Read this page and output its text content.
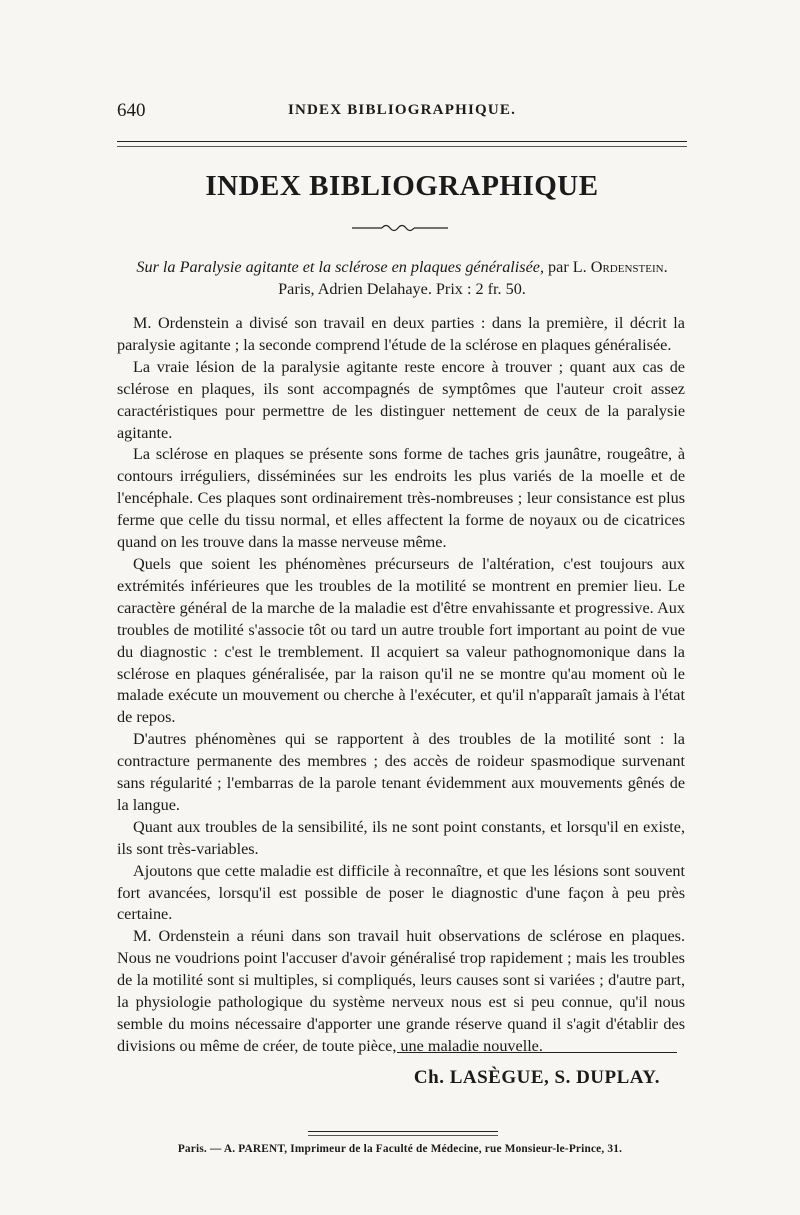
640	INDEX BIBLIOGRAPHIQUE.
INDEX BIBLIOGRAPHIQUE
Sur la Paralysie agitante et la sclérose en plaques généralisée, par L. Ordenstein.
Paris, Adrien Delahaye. Prix : 2 fr. 50.

M. Ordenstein a divisé son travail en deux parties : dans la première, il décrit la paralysie agitante ; la seconde comprend l'étude de la sclérose en plaques généralisée.

La vraie lésion de la paralysie agitante reste encore à trouver ; quant aux cas de sclérose en plaques, ils sont accompagnés de symptômes que l'auteur croit assez caractéristiques pour permettre de les distinguer nettement de ceux de la paralysie agitante.

La sclérose en plaques se présente sons forme de taches gris jaunâtre, rougeâtre, à contours irréguliers, disséminées sur les endroits les plus variés de la moelle et de l'encéphale. Ces plaques sont ordinairement très-nombreuses ; leur consistance est plus ferme que celle du tissu normal, et elles affectent la forme de noyaux ou de cicatrices quand on les trouve dans la masse nerveuse même.

Quels que soient les phénomènes précurseurs de l'altération, c'est toujours aux extrémités inférieures que les troubles de la motilité se montrent en premier lieu. Le caractère général de la marche de la maladie est d'être envahissante et progressive. Aux troubles de motilité s'associe tôt ou tard un autre trouble fort important au point de vue du diagnostic : c'est le tremblement. Il acquiert sa valeur pathognomonique dans la sclérose en plaques généralisée, par la raison qu'il ne se montre qu'au moment où le malade exécute un mouvement ou cherche à l'exécuter, et qu'il n'apparaît jamais à l'état de repos.

D'autres phénomènes qui se rapportent à des troubles de la motilité sont : la contracture permanente des membres ; des accès de roideur spasmodique survenant sans régularité ; l'embarras de la parole tenant évidemment aux mouvements gênés de la langue.

Quant aux troubles de la sensibilité, ils ne sont point constants, et lorsqu'il en existe, ils sont très-variables.

Ajoutons que cette maladie est difficile à reconnaître, et que les lésions sont souvent fort avancées, lorsqu'il est possible de poser le diagnostic d'une façon à peu près certaine.

M. Ordenstein a réuni dans son travail huit observations de sclérose en plaques. Nous ne voudrions point l'accuser d'avoir généralisé trop rapidement ; mais les troubles de la motilité sont si multiples, si compliqués, leurs causes sont si variées ; d'autre part, la physiologie pathologique du système nerveux nous est si peu connue, qu'il nous semble du moins nécessaire d'apporter une grande réserve quand il s'agit d'établir des divisions ou même de créer, de toute pièce, une maladie nouvelle.

Ch. LASÈGUE, S. DUPLAY.
Paris. — A. PARENT, Imprimeur de la Faculté de Médecine, rue Monsieur-le-Prince, 31.
